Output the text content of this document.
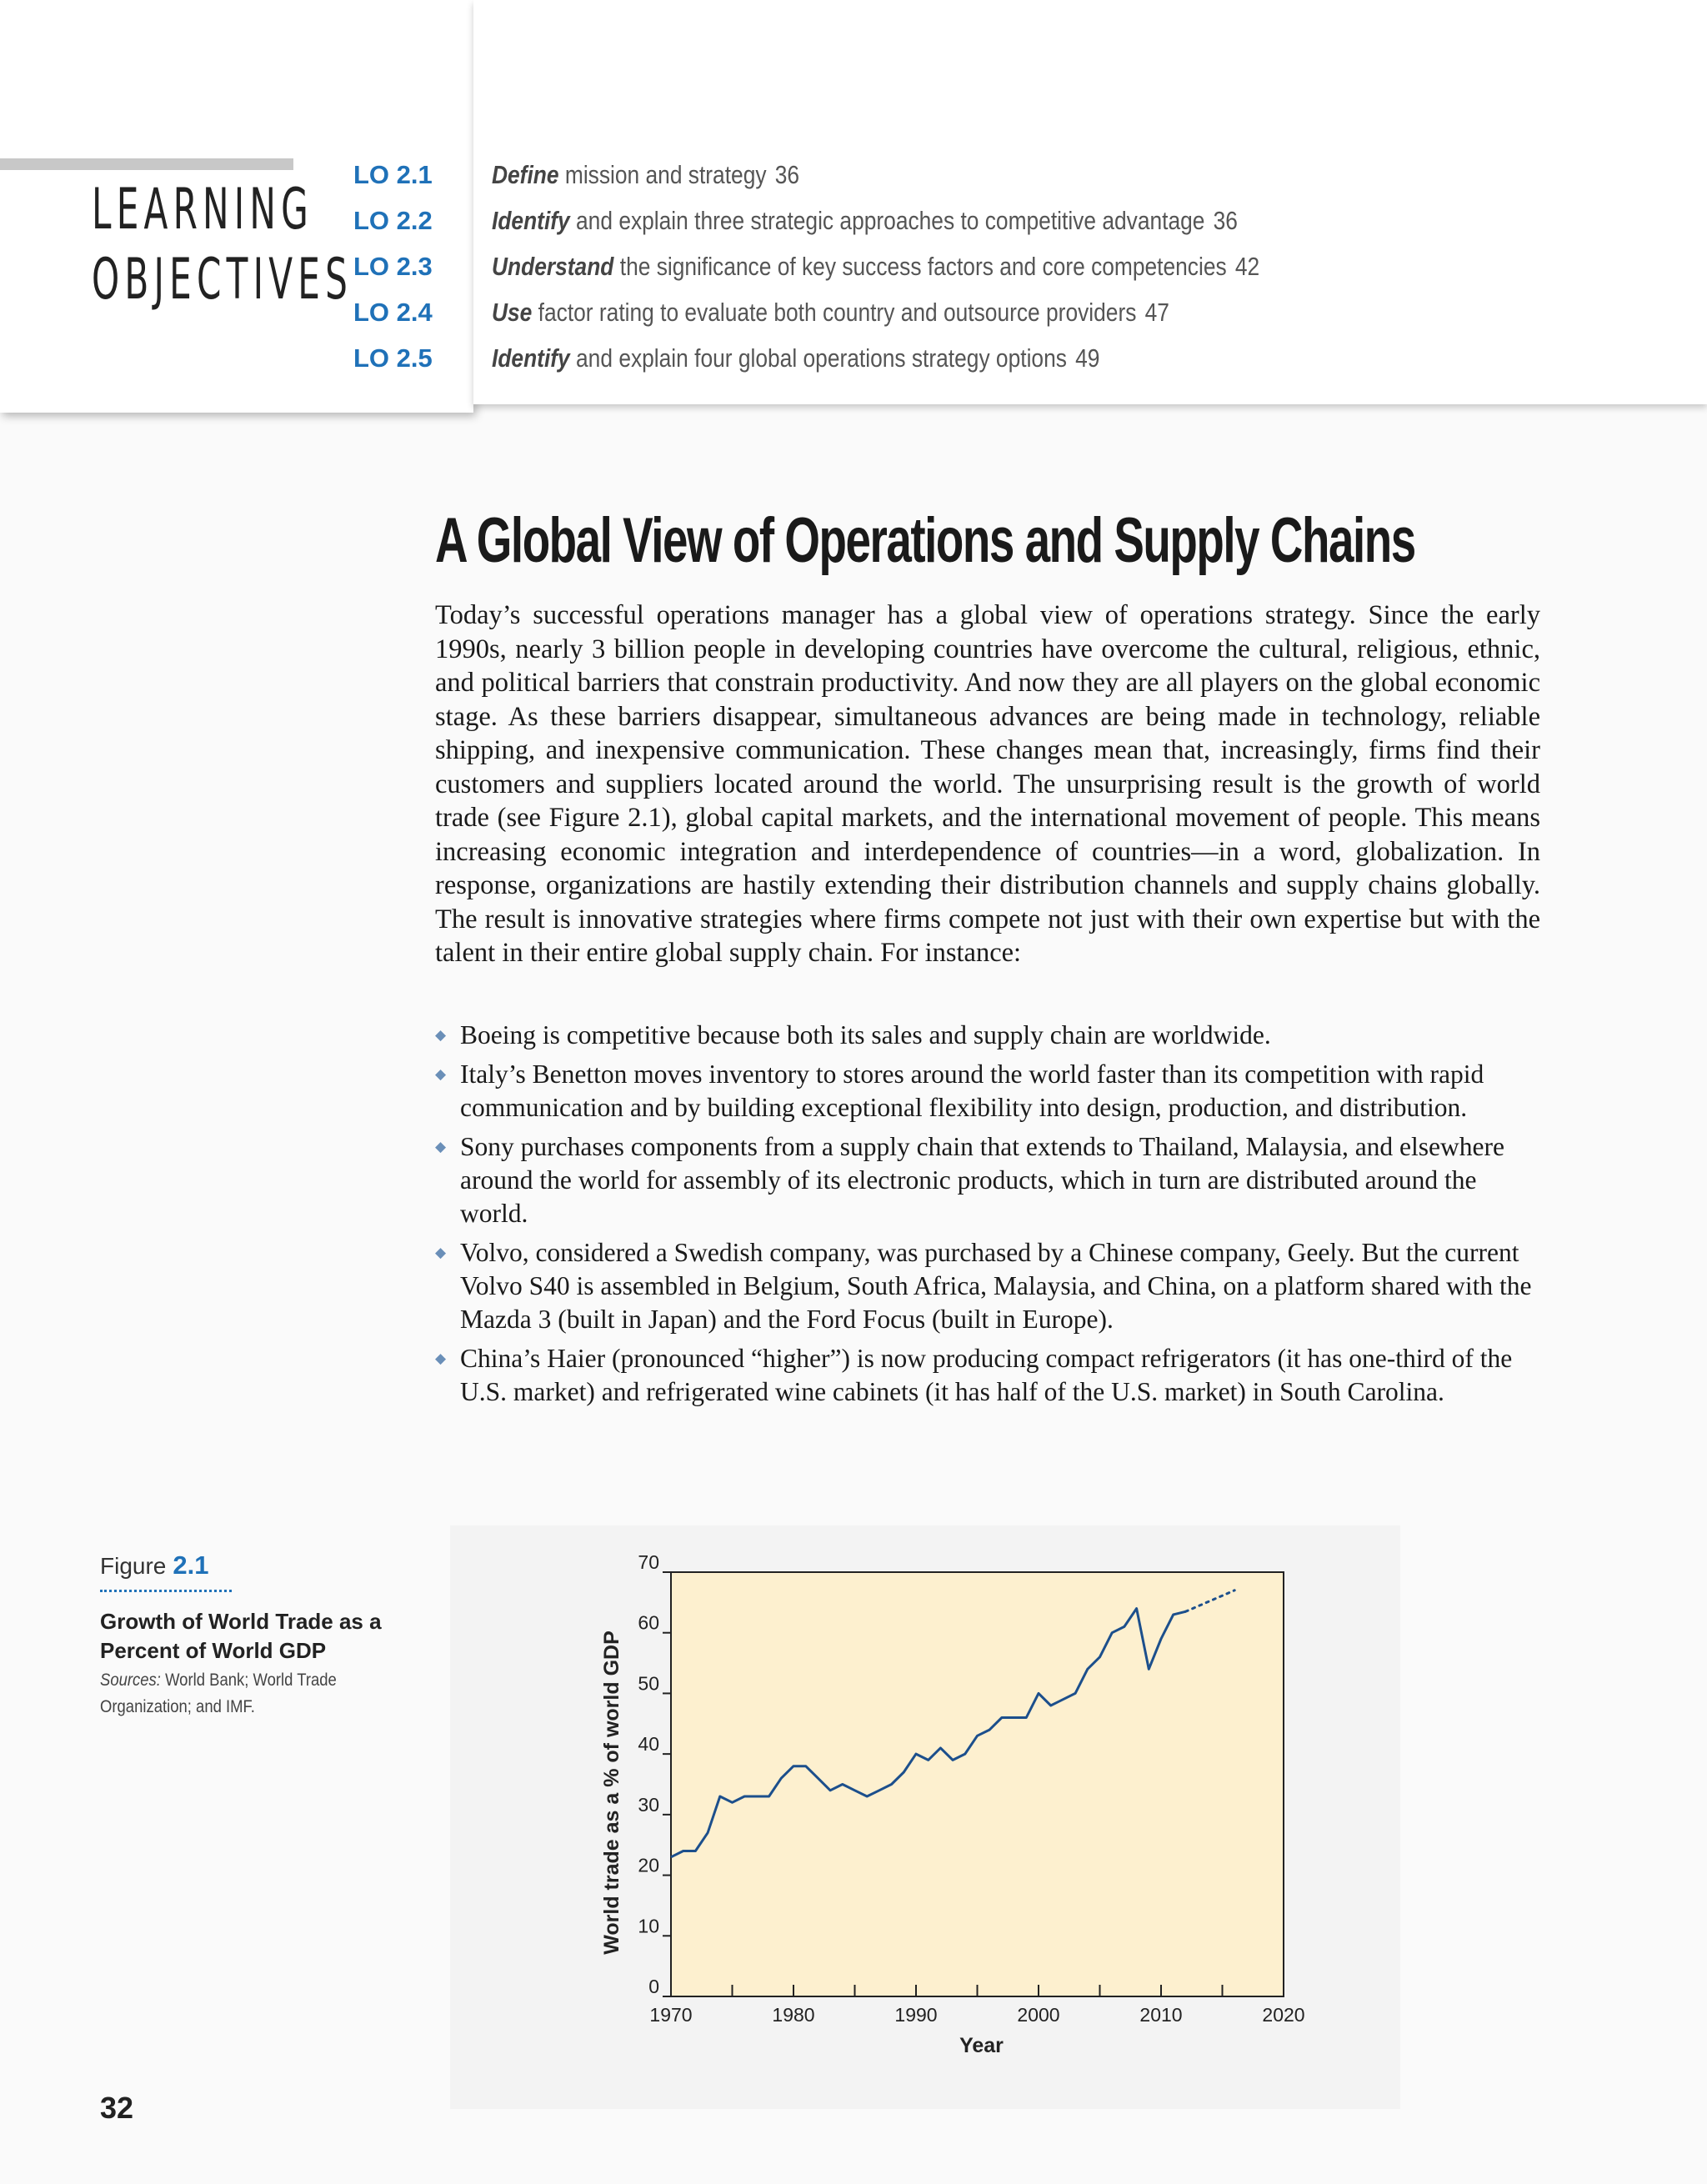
LEARNING
OBJECTIVES
LO 2.1	Define mission and strategy 36
LO 2.2	Identify and explain three strategic approaches to competitive advantage 36
LO 2.3	Understand the significance of key success factors and core competencies 42
LO 2.4	Use factor rating to evaluate both country and outsource providers 47
LO 2.5	Identify and explain four global operations strategy options 49
A Global View of Operations and Supply Chains

Today’s successful operations manager has a global view of operations strategy. Since the early 1990s, nearly 3 billion people in developing countries have overcome the cultural, religious, ethnic, and political barriers that constrain productivity. And now they are all players on the global economic stage. As these barriers disappear, simultaneous advances are being made in technology, reliable shipping, and inexpensive communication. These changes mean that, increasingly, firms find their customers and suppliers located around the world. The unsurprising result is the growth of world trade (see Figure 2.1), global capital markets, and the international movement of people. This means increasing economic integration and interdependence of countries—in a word, globalization. In response, organizations are hastily extending their distribution channels and supply chains globally. The result is innovative strategies where firms compete not just with their own expertise but with the talent in their entire global supply chain. For instance:

◆ Boeing is competitive because both its sales and supply chain are worldwide.
◆ Italy’s Benetton moves inventory to stores around the world faster than its competition with rapid communication and by building exceptional flexibility into design, production, and distribution.
◆ Sony purchases components from a supply chain that extends to Thailand, Malaysia, and elsewhere around the world for assembly of its electronic products, which in turn are distributed around the world.
◆ Volvo, considered a Swedish company, was purchased by a Chinese company, Geely. But the current Volvo S40 is assembled in Belgium, South Africa, Malaysia, and China, on a platform shared with the Mazda 3 (built in Japan) and the Ford Focus (built in Europe).
◆ China’s Haier (pronounced “higher”) is now producing compact refrigerators (it has one-third of the U.S. market) and refrigerated wine cabinets (it has half of the U.S. market) in South Carolina.
Figure 2.1
Growth of World Trade as a Percent of World GDP
Sources: World Bank; World Trade Organization; and IMF.
0
10
20
30
40
50
60
70
1970	1980	1990	2000	2010	2020
Year
World trade as a % of world GDP
32
